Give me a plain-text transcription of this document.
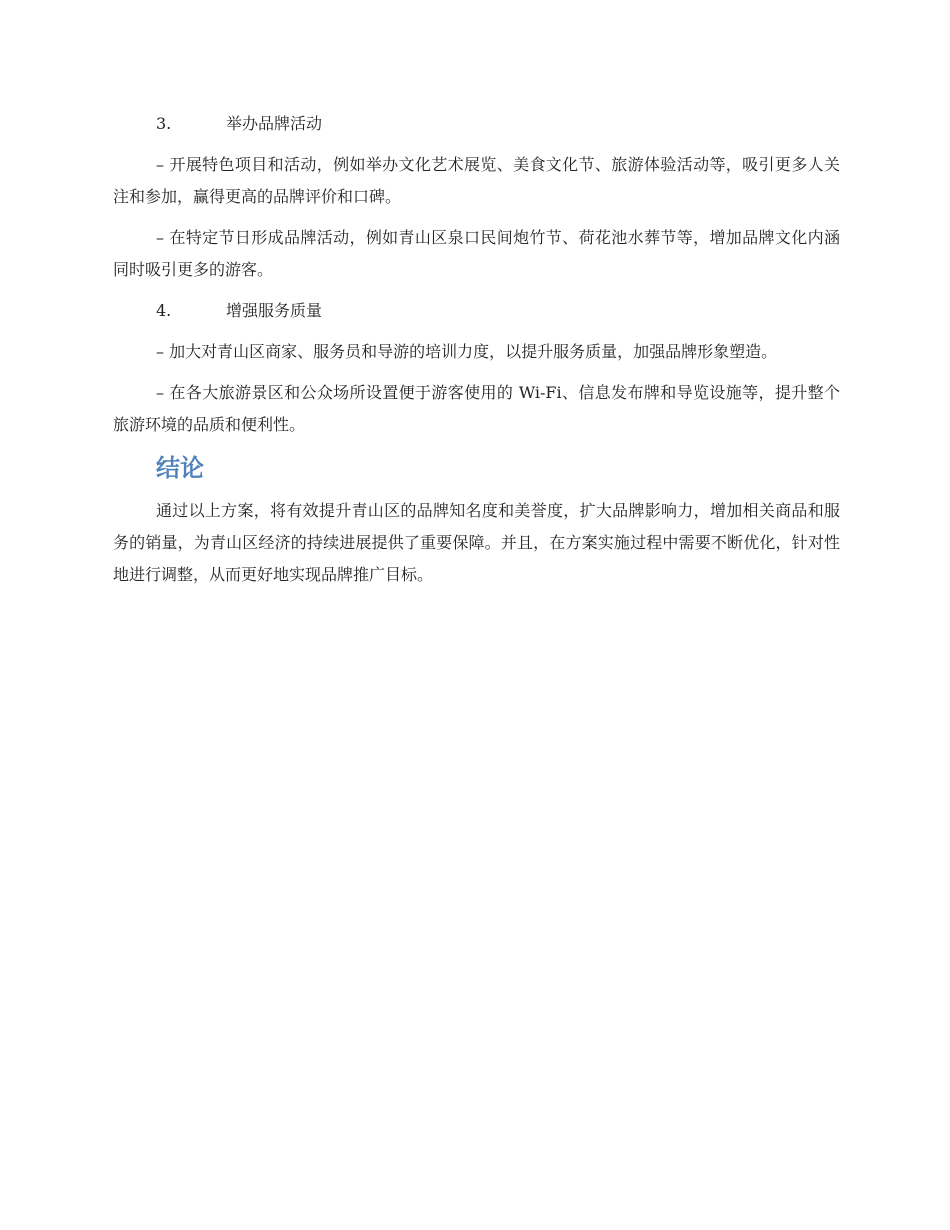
3.	举办品牌活动

– 开展特色项目和活动，例如举办文化艺术展览、美食文化节、旅游体验活动等，吸引更多人关注和参加，赢得更高的品牌评价和口碑。

– 在特定节日形成品牌活动，例如青山区泉口民间炮竹节、荷花池水葬节等，增加品牌文化内涵同时吸引更多的游客。

4.	增强服务质量

– 加大对青山区商家、服务员和导游的培训力度，以提升服务质量，加强品牌形象塑造。

– 在各大旅游景区和公众场所设置便于游客使用的 Wi-Fi、信息发布牌和导览设施等，提升整个旅游环境的品质和便利性。

结论

通过以上方案，将有效提升青山区的品牌知名度和美誉度，扩大品牌影响力，增加相关商品和服务的销量，为青山区经济的持续进展提供了重要保障。并且，在方案实施过程中需要不断优化，针对性地进行调整，从而更好地实现品牌推广目标。
